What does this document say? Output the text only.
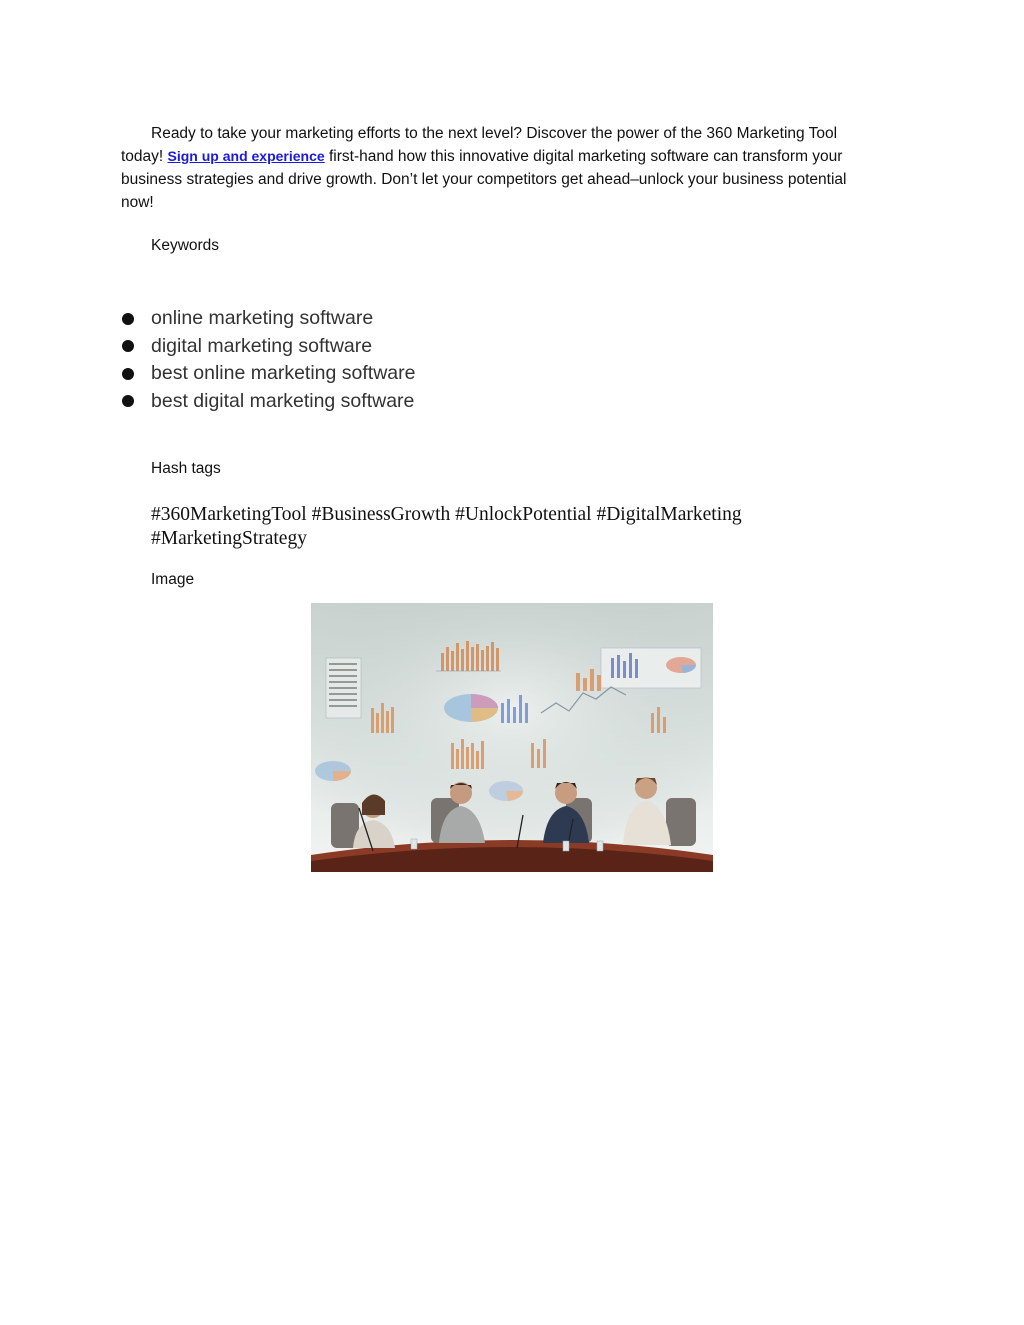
Ready to take your marketing efforts to the next level? Discover the power of the 360 Marketing Tool today! Sign up and experience first-hand how this innovative digital marketing software can transform your business strategies and drive growth. Don’t let your competitors get ahead–unlock your business potential now!

Keywords

online marketing software
digital marketing software
best online marketing software
best digital marketing software

Hash tags

#360MarketingTool #BusinessGrowth #UnlockPotential #DigitalMarketing #MarketingStrategy

Image
